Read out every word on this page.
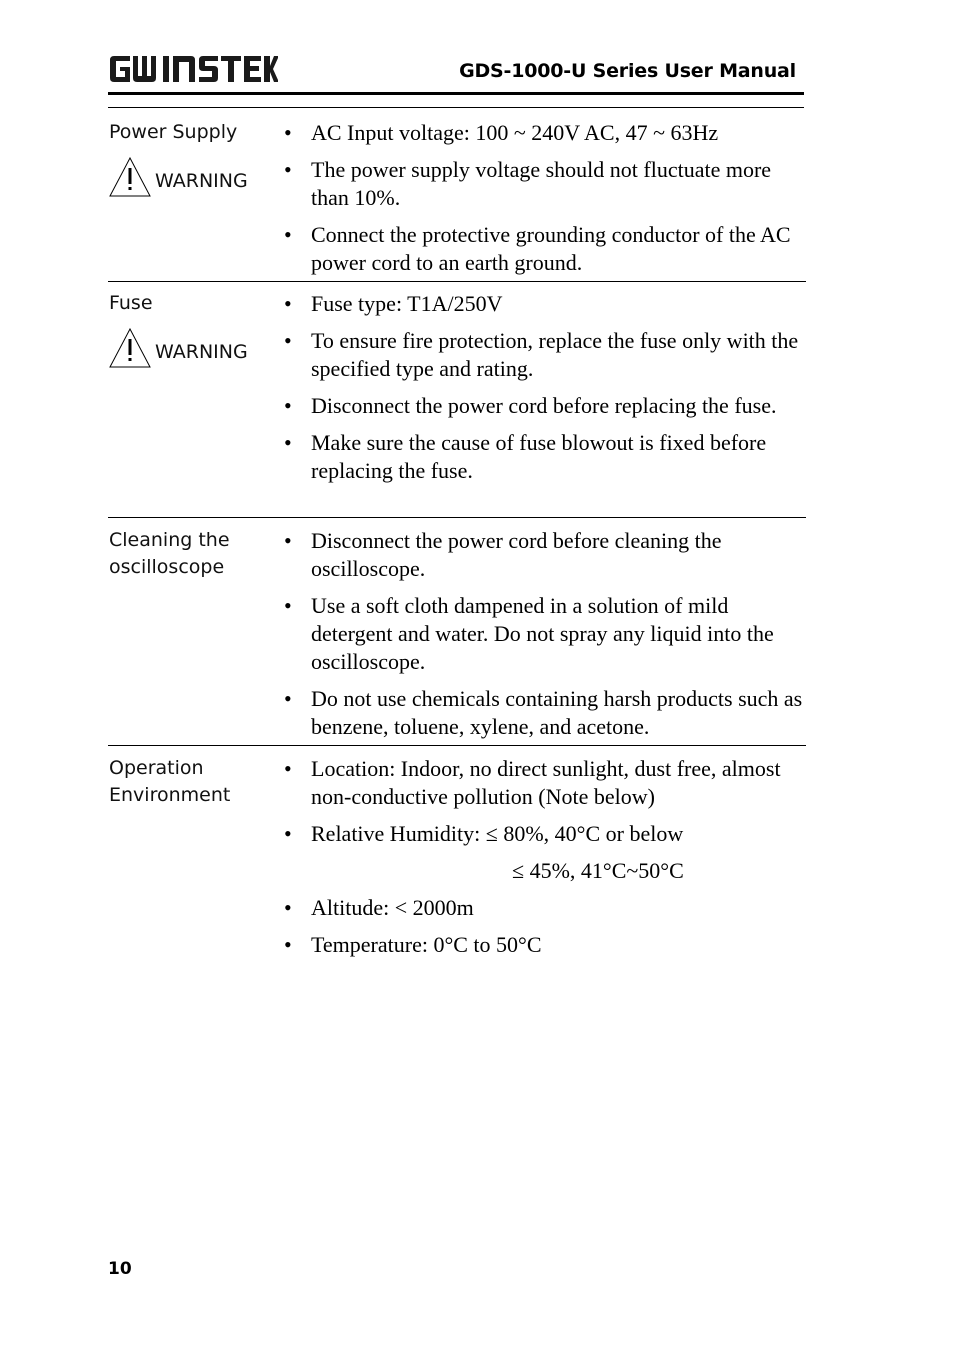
GDS-1000-U Series User Manual
Power Supply
WARNING
• AC Input voltage: 100 ~ 240V AC, 47 ~ 63Hz
• The power supply voltage should not fluctuate more than 10%.
• Connect the protective grounding conductor of the AC power cord to an earth ground.
Fuse
WARNING
• Fuse type: T1A/250V
• To ensure fire protection, replace the fuse only with the specified type and rating.
• Disconnect the power cord before replacing the fuse.
• Make sure the cause of fuse blowout is fixed before replacing the fuse.
Cleaning the oscilloscope
• Disconnect the power cord before cleaning the oscilloscope.
• Use a soft cloth dampened in a solution of mild detergent and water. Do not spray any liquid into the oscilloscope.
• Do not use chemicals containing harsh products such as benzene, toluene, xylene, and acetone.
Operation Environment
• Location: Indoor, no direct sunlight, dust free, almost non-conductive pollution (Note below)
• Relative Humidity: ≤ 80%, 40°C or below
≤ 45%, 41°C~50°C
• Altitude: < 2000m
• Temperature: 0°C to 50°C
10
